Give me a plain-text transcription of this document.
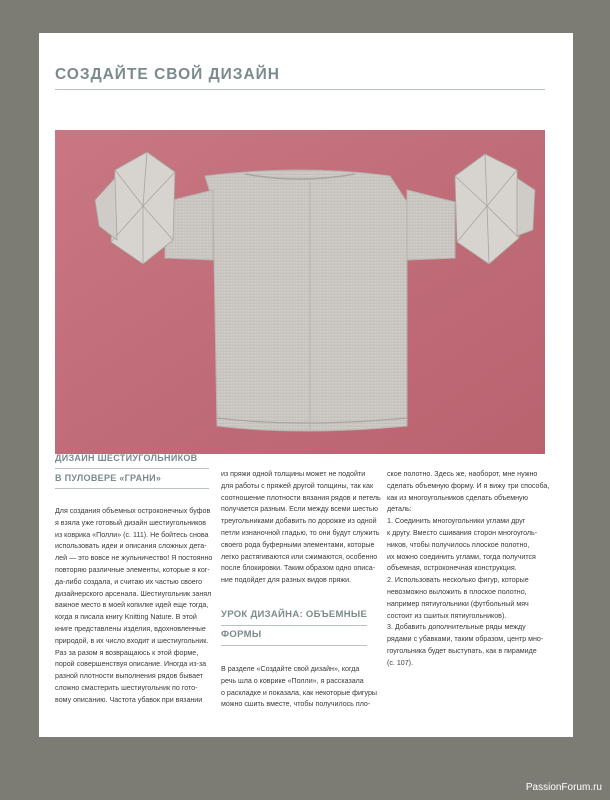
СОЗДАЙТЕ СВОЙ ДИЗАЙН
ДИЗАЙН ШЕСТИУГОЛЬНИКОВ
В ПУЛОВЕРЕ «ГРАНИ»
Для создания объемных остроконечных буфов
я взяла уже готовый дизайн шестиугольников
из коврика «Полли» (с. 111). Не бойтесь снова
использовать идеи и описания сложных дета-
лей — это вовсе не жульничество! Я постоянно
повторяю различные элементы, которые я ког-
да-либо создала, и считаю их частью своего
дизайнерского арсенала. Шестиугольник занял
важное место в моей копилке идей еще тогда,
когда я писала книгу Knitting Nature. В этой
книге представлены изделия, вдохновленные
природой, в их число входит и шестиугольник.
Раз за разом я возвращаюсь к этой форме,
порой совершенствуя описание. Иногда из-за
разной плотности выполнения рядов бывает
сложно смастерить шестиугольник по гото-
вому описанию. Частота убавок при вязании
из пряжи одной толщины может не подойти
для работы с пряжей другой толщины, так как
соотношение плотности вязания рядов и петель
получается разным. Если между всеми шестью
треугольниками добавить по дорожке из одной
петли изнаночной гладью, то они будут служить
своего рода буферными элементами, которые
легко растягиваются или сжимаются, особенно
после блокировки. Таким образом одно описа-
ние подойдет для разных видов пряжи.
УРОК ДИЗАЙНА: ОБЪЕМНЫЕ
ФОРМЫ
В разделе «Создайте свой дизайн», когда
речь шла о коврике «Полли», я рассказала
о раскладке и показала, как некоторые фигуры
можно сшить вместе, чтобы получилось пло-
ское полотно. Здесь же, наоборот, мне нужно
сделать объемную форму. И я вижу три способа,
как из многоугольников сделать объемную
деталь:
1. Соединить многоугольники углами друг
к другу. Вместо сшивания сторон многоуголь-
ников, чтобы получилось плоское полотно,
их можно соединить углами, тогда получится
объемная, остроконечная конструкция.
2. Использовать несколько фигур, которые
невозможно выложить в плоское полотно,
например пятиугольники (футбольный мяч
состоит из сшитых пятиугольников).
3. Добавить дополнительные ряды между
рядами с убавками, таким образом, центр мно-
гоугольника будет выступать, как в пирамиде
(с. 107).
PassionForum.ru
